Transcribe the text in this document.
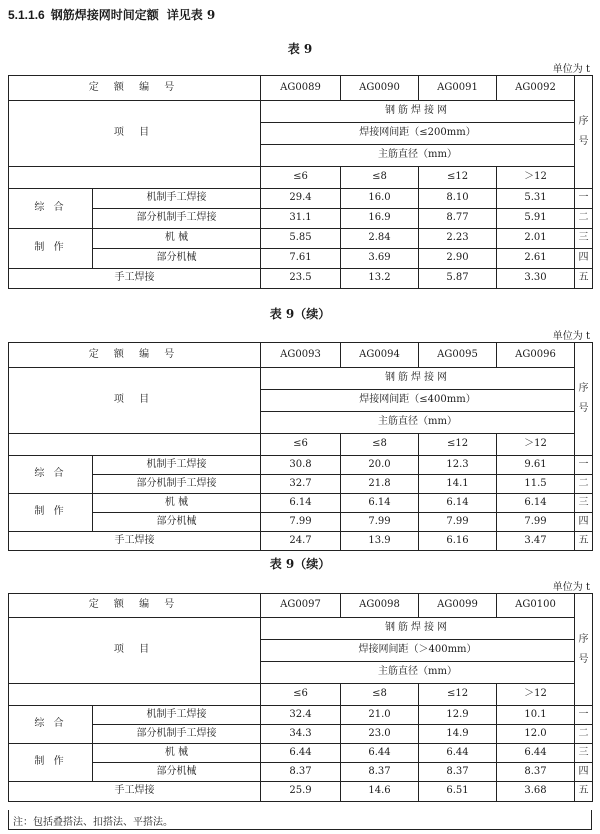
5.1.1.6 钢筋焊接网时间定额 详见表 9
表 9
单位为 t
定 额 编 号		AG0089	AG0090	AG0091	AG0092	序号
项 目		钢筋焊接网				
		焊接网间距（≤200mm）				
		主筋直径（mm）				
		≤6	≤8	≤12	＞12	
综 合	机制手工焊接	29.4	16.0	8.10	5.31	一
	部分机制手工焊接	31.1	16.9	8.77	5.91	二
制 作	机 械	5.85	2.84	2.23	2.01	三
	部分机械	7.61	3.69	2.90	2.61	四
手工焊接		23.5	13.2	5.87	3.30	五
表 9（续）
单位为 t
定 额 编 号		AG0093	AG0094	AG0095	AG0096	序号
项 目		钢筋焊接网				
		焊接网间距（≤400mm）				
		主筋直径（mm）				
		≤6	≤8	≤12	＞12	
综 合	机制手工焊接	30.8	20.0	12.3	9.61	一
	部分机制手工焊接	32.7	21.8	14.1	11.5	二
制 作	机 械	6.14	6.14	6.14	6.14	三
	部分机械	7.99	7.99	7.99	7.99	四
手工焊接		24.7	13.9	6.16	3.47	五
表 9（续）
单位为 t
定 额 编 号		AG0097	AG0098	AG0099	AG0100	序号
项 目		钢筋焊接网				
		焊接网间距（＞400mm）				
		主筋直径（mm）				
		≤6	≤8	≤12	＞12	
综 合	机制手工焊接	32.4	21.0	12.9	10.1	一
	部分机制手工焊接	34.3	23.0	14.9	12.0	二
制 作	机 械	6.44	6.44	6.44	6.44	三
	部分机械	8.37	8.37	8.37	8.37	四
手工焊接		25.9	14.6	6.51	3.68	五
注：包括叠搭法、扣搭法、平搭法。
